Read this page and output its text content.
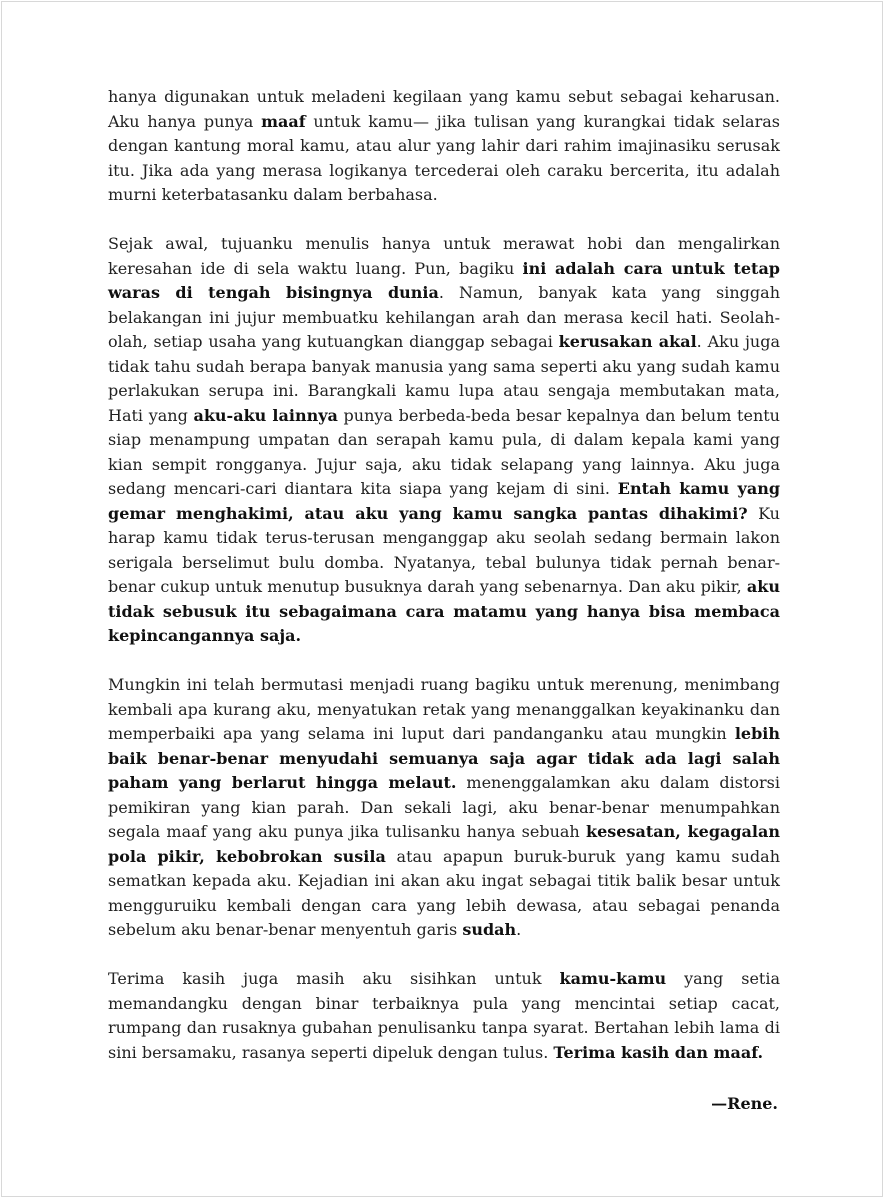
hanya digunakan untuk meladeni kegilaan yang kamu sebut sebagai keharusan. Aku hanya punya maaf untuk kamu— jika tulisan yang kurangkai tidak selaras dengan kantung moral kamu, atau alur yang lahir dari rahim imajinasiku serusak itu. Jika ada yang merasa logikanya tercederai oleh caraku bercerita, itu adalah murni keterbatasanku dalam berbahasa.

Sejak awal, tujuanku menulis hanya untuk merawat hobi dan mengalirkan keresahan ide di sela waktu luang. Pun, bagiku ini adalah cara untuk tetap waras di tengah bisingnya dunia. Namun, banyak kata yang singgah belakangan ini jujur membuatku kehilangan arah dan merasa kecil hati. Seolah-olah, setiap usaha yang kutuangkan dianggap sebagai kerusakan akal. Aku juga tidak tahu sudah berapa banyak manusia yang sama seperti aku yang sudah kamu perlakukan serupa ini. Barangkali kamu lupa atau sengaja membutakan mata, Hati yang aku-aku lainnya punya berbeda-beda besar kepalnya dan belum tentu siap menampung umpatan dan serapah kamu pula, di dalam kepala kami yang kian sempit rongganya. Jujur saja, aku tidak selapang yang lainnya. Aku juga sedang mencari-cari diantara kita siapa yang kejam di sini. Entah kamu yang gemar menghakimi, atau aku yang kamu sangka pantas dihakimi? Ku harap kamu tidak terus-terusan menganggap aku seolah sedang bermain lakon serigala berselimut bulu domba. Nyatanya, tebal bulunya tidak pernah benar-benar cukup untuk menutup busuknya darah yang sebenarnya. Dan aku pikir, aku tidak sebusuk itu sebagaimana cara matamu yang hanya bisa membaca kepincangannya saja.

Mungkin ini telah bermutasi menjadi ruang bagiku untuk merenung, menimbang kembali apa kurang aku, menyatukan retak yang menanggalkan keyakinanku dan memperbaiki apa yang selama ini luput dari pandanganku atau mungkin lebih baik benar-benar menyudahi semuanya saja agar tidak ada lagi salah paham yang berlarut hingga melaut. menenggalamkan aku dalam distorsi pemikiran yang kian parah. Dan sekali lagi, aku benar-benar menumpahkan segala maaf yang aku punya jika tulisanku hanya sebuah kesesatan, kegagalan pola pikir, kebobrokan susila atau apapun buruk-buruk yang kamu sudah sematkan kepada aku. Kejadian ini akan aku ingat sebagai titik balik besar untuk mengguruiku kembali dengan cara yang lebih dewasa, atau sebagai penanda sebelum aku benar-benar menyentuh garis sudah.

Terima kasih juga masih aku sisihkan untuk kamu-kamu yang setia memandangku dengan binar terbaiknya pula yang mencintai setiap cacat, rumpang dan rusaknya gubahan penulisanku tanpa syarat. Bertahan lebih lama di sini bersamaku, rasanya seperti dipeluk dengan tulus. Terima kasih dan maaf.

—Rene.
